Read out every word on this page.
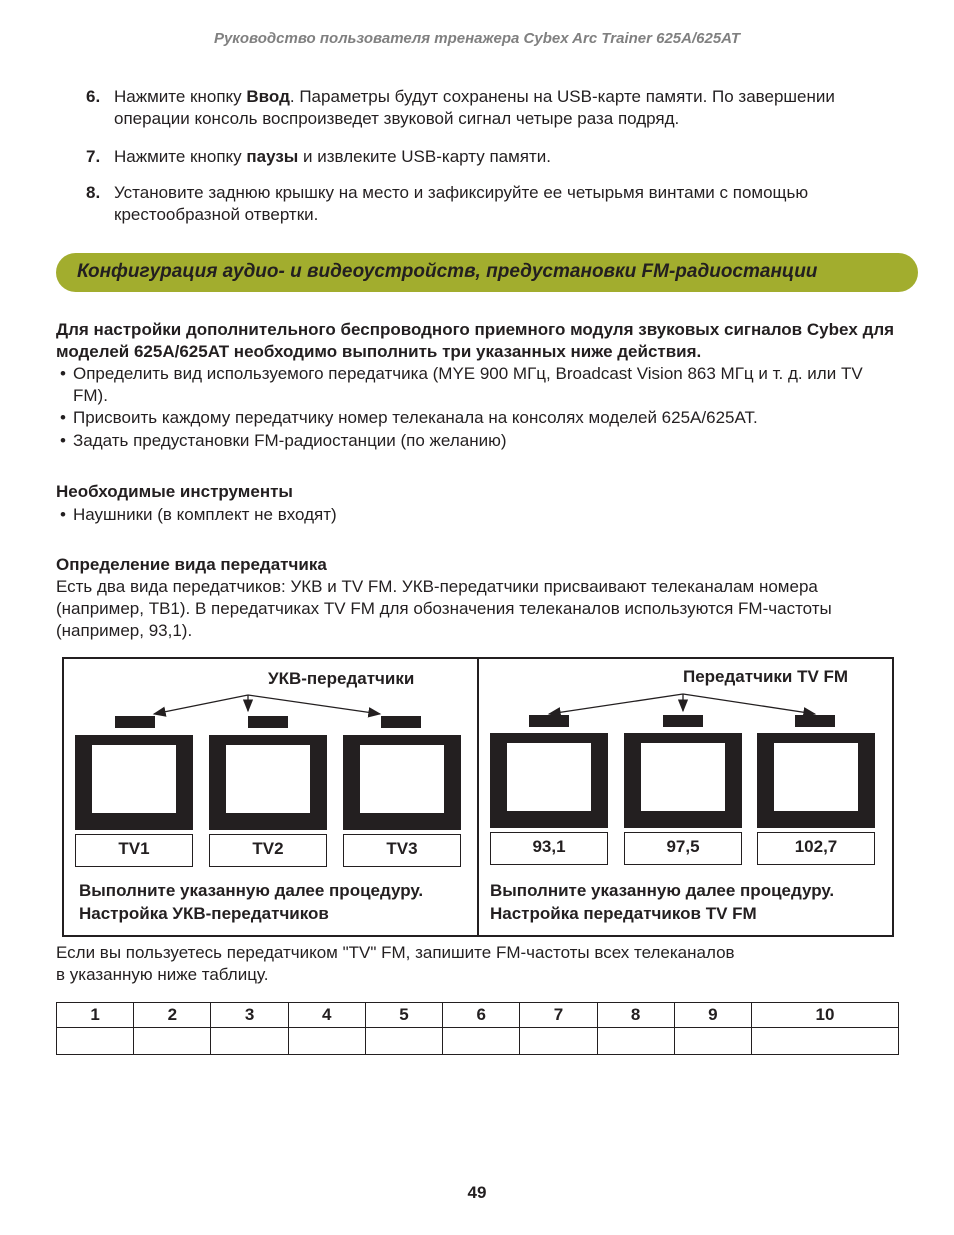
Руководство пользователя тренажера Cybex Arc Trainer 625A/625AT
6. Нажмите кнопку Ввод. Параметры будут сохранены на USB-карте памяти. По завершении операции консоль воспроизведет звуковой сигнал четыре раза подряд.
7. Нажмите кнопку паузы и извлеките USB-карту памяти.
8. Установите заднюю крышку на место и зафиксируйте ее четырьмя винтами с помощью крестообразной отвертки.
Конфигурация аудио- и видеоустройств, предустановки FM-радиостанции
Для настройки дополнительного беспроводного приемного модуля звуковых сигналов Cybex для моделей 625A/625AT необходимо выполнить три указанных ниже действия.
• Определить вид используемого передатчика (MYE 900 МГц, Broadcast Vision 863 МГц и т. д. или TV FM).
• Присвоить каждому передатчику номер телеканала на консолях моделей 625A/625AT.
• Задать предустановки FM-радиостанции (по желанию)
Необходимые инструменты
• Наушники (в комплект не входят)
Определение вида передатчика
Есть два вида передатчиков: УКВ и TV FM. УКВ-передатчики присваивают телеканалам номера (например, ТВ1). В передатчиках TV FM для обозначения телеканалов используются FM-частоты (например, 93,1).
УКВ-передатчики
TV1	TV2	TV3
Выполните указанную далее процедуру.
Настройка УКВ-передатчиков
Передатчики TV FM
93,1	97,5	102,7
Выполните указанную далее процедуру.
Настройка передатчиков TV FM
Если вы пользуетесь передатчиком "TV" FM, запишите FM-частоты всех телеканалов
в указанную ниже таблицу.
1	2	3	4	5	6	7	8	9	10

49
